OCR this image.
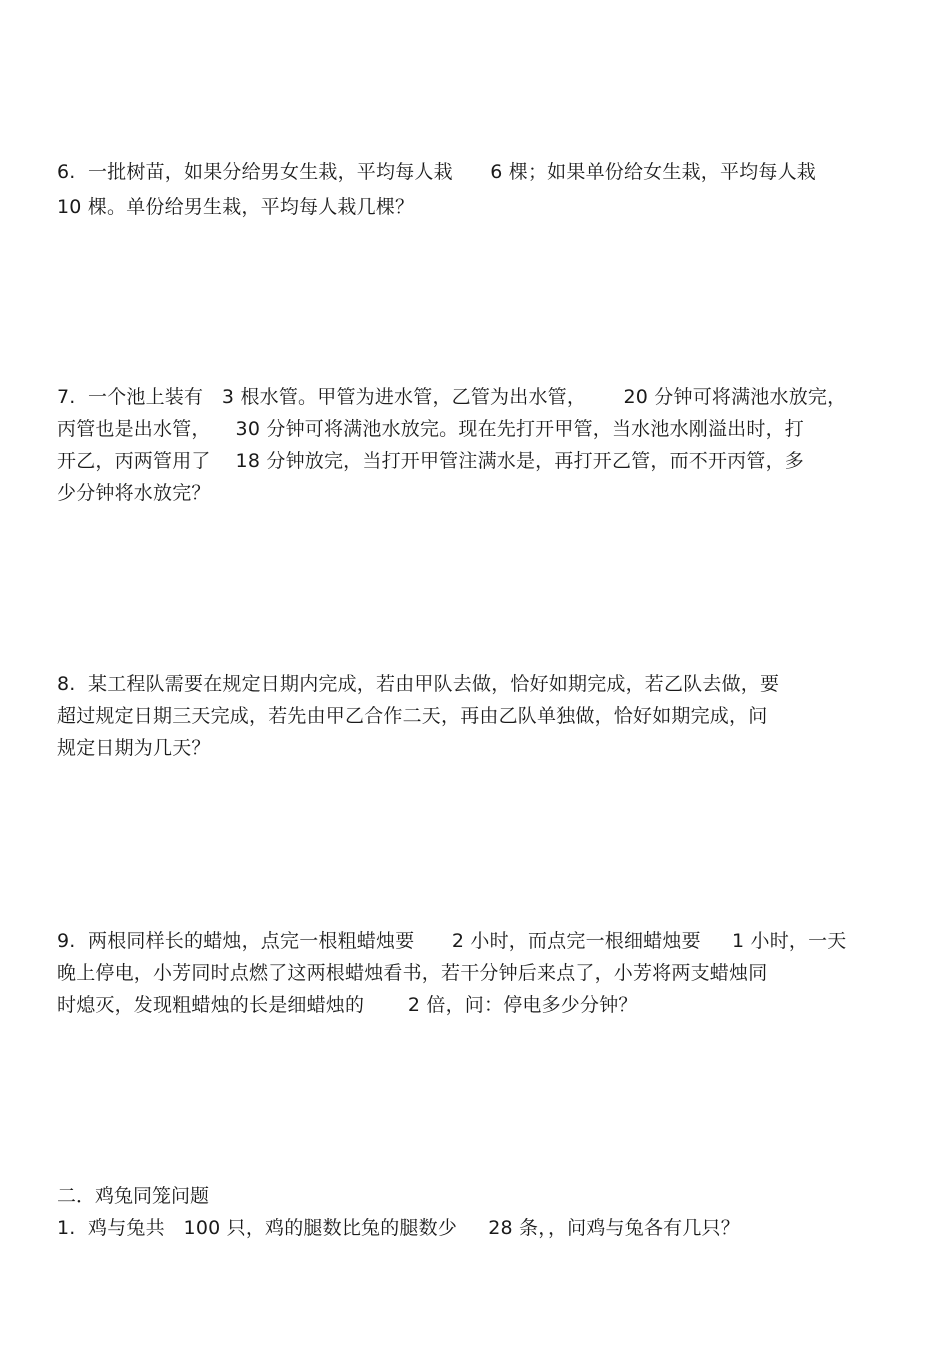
6.  一批树苗，如果分给男女生栽，平均每人栽      6 棵；如果单份给女生栽，平均每人栽
10 棵。单份给男生栽，平均每人栽几棵？
7.  一个池上装有   3 根水管。甲管为进水管，乙管为出水管，      20 分钟可将满池水放完，
丙管也是出水管，    30 分钟可将满池水放完。现在先打开甲管，当水池水刚溢出时，打
开乙，丙两管用了    18 分钟放完，当打开甲管注满水是，再打开乙管，而不开丙管，多
少分钟将水放完？
8.  某工程队需要在规定日期内完成，若由甲队去做，恰好如期完成，若乙队去做，要
超过规定日期三天完成，若先由甲乙合作二天，再由乙队单独做，恰好如期完成，问
规定日期为几天？
9.  两根同样长的蜡烛，点完一根粗蜡烛要      2 小时，而点完一根细蜡烛要     1 小时，一天
晚上停电，小芳同时点燃了这两根蜡烛看书，若干分钟后来点了，小芳将两支蜡烛同
时熄灭，发现粗蜡烛的长是细蜡烛的       2 倍，问：停电多少分钟？
二．鸡兔同笼问题
1.  鸡与兔共   100 只，鸡的腿数比兔的腿数少     28 条，，问鸡与兔各有几只？
